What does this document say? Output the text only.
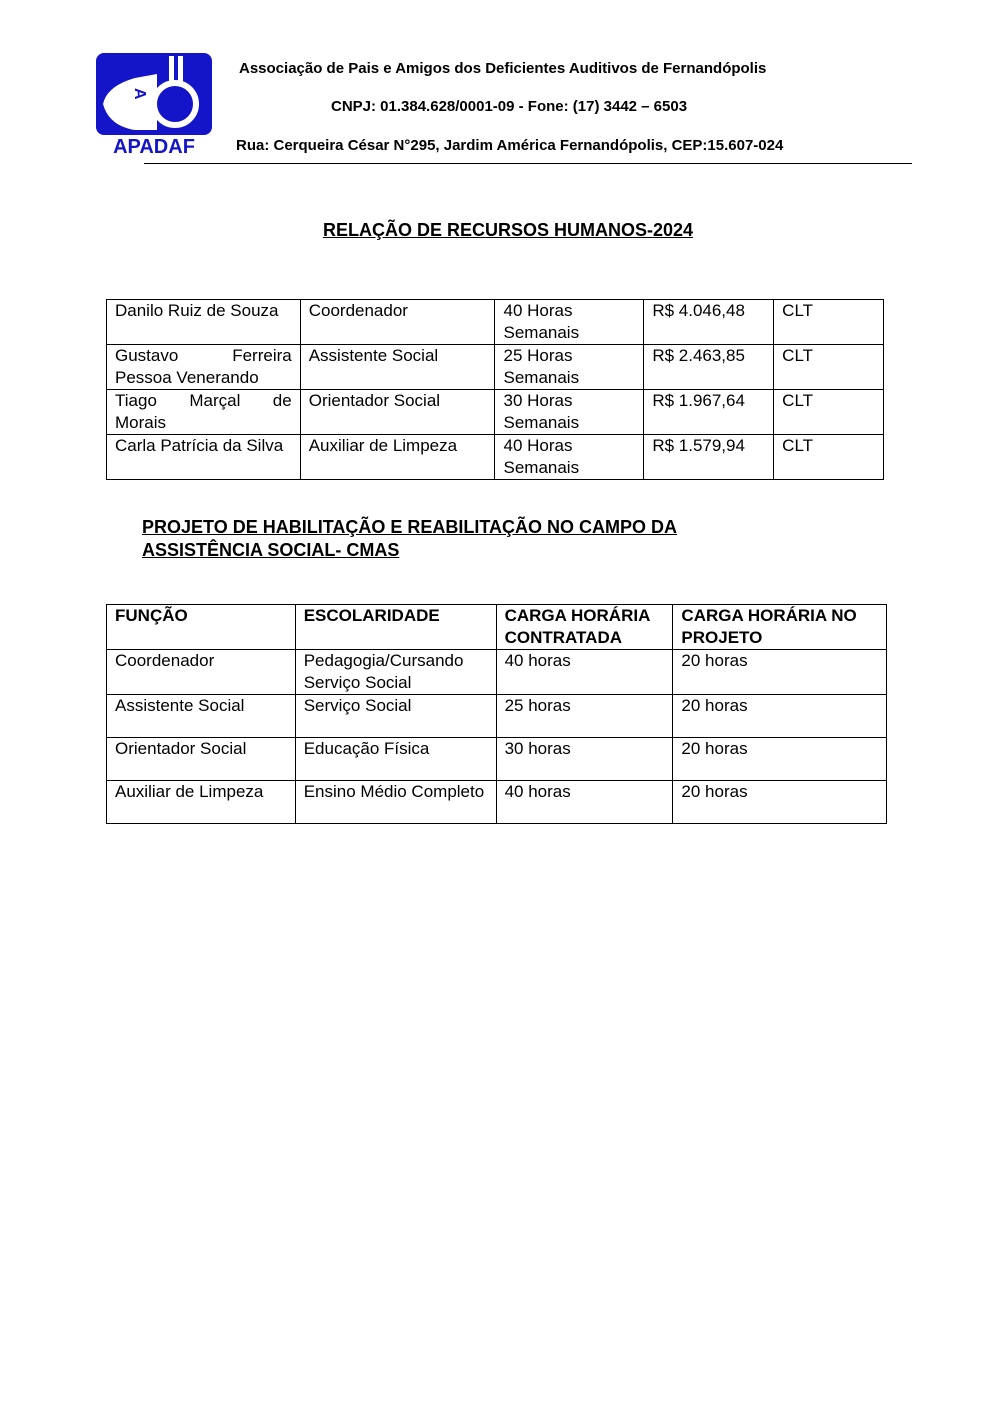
A
APADAF
Associação de Pais e Amigos dos Deficientes Auditivos de Fernandópolis
CNPJ: 01.384.628/0001-09 - Fone: (17) 3442 – 6503
Rua: Cerqueira César N°295, Jardim América Fernandópolis, CEP:15.607-024
RELAÇÃO DE RECURSOS HUMANOS-2024
Danilo Ruiz de Souza	Coordenador	40 Horas Semanais	R$ 4.046,48	CLT
Gustavo Ferreira Pessoa Venerando	Assistente Social	25 Horas Semanais	R$ 2.463,85	CLT
Tiago Marçal de Morais	Orientador Social	30 Horas Semanais	R$ 1.967,64	CLT
Carla Patrícia da Silva	Auxiliar de Limpeza	40 Horas Semanais	R$ 1.579,94	CLT
PROJETO DE HABILITAÇÃO E REABILITAÇÃO NO CAMPO DA ASSISTÊNCIA SOCIAL- CMAS
FUNÇÃO	ESCOLARIDADE	CARGA HORÁRIA CONTRATADA	CARGA HORÁRIA NO PROJETO
Coordenador	Pedagogia/Cursando Serviço Social	40 horas	20 horas
Assistente Social	Serviço Social	25 horas	20 horas
Orientador Social	Educação Física	30 horas	20 horas
Auxiliar de Limpeza	Ensino Médio Completo	40 horas	20 horas
